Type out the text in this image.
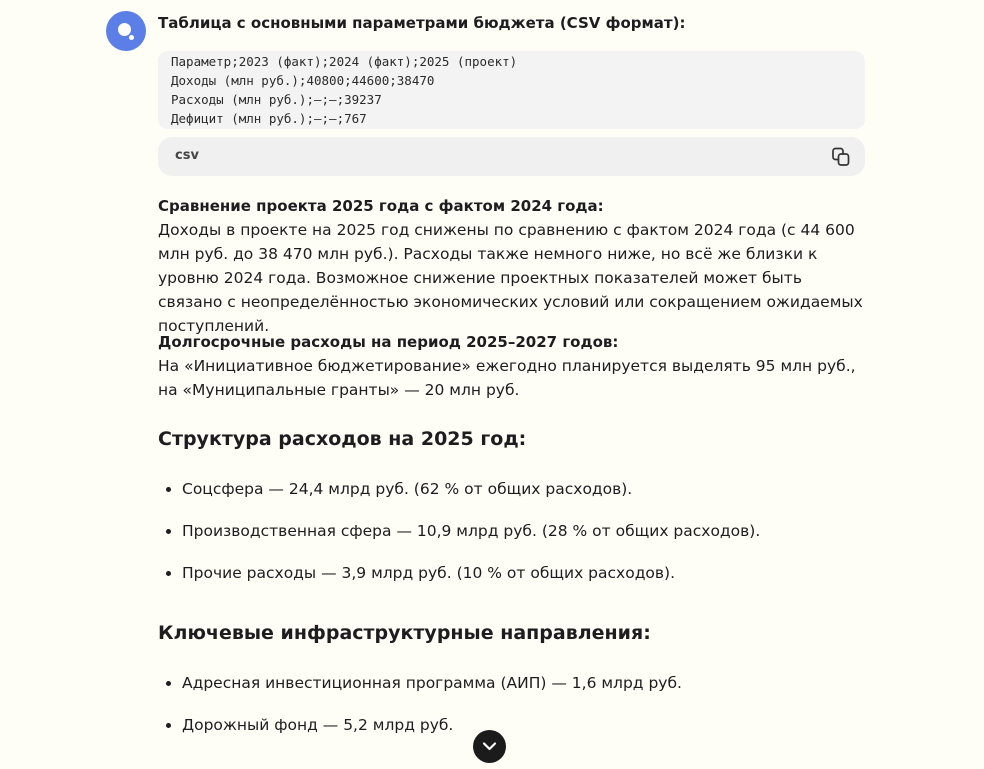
Таблица с основными параметрами бюджета (CSV формат):
Параметр;2023 (факт);2024 (факт);2025 (проект)
Доходы (млн руб.);40800;44600;38470
Расходы (млн руб.);—;—;39237
Дефицит (млн руб.);—;—;767
csv
Сравнение проекта 2025 года с фактом 2024 года:
Доходы в проекте на 2025 год снижены по сравнению с фактом 2024 года (с 44 600 млн руб. до 38 470 млн руб.). Расходы также немного ниже, но всё же близки к уровню 2024 года. Возможное снижение проектных показателей может быть связано с неопределённостью экономических условий или сокращением ожидаемых поступлений.
Долгосрочные расходы на период 2025–2027 годов:
На «Инициативное бюджетирование» ежегодно планируется выделять 95 млн руб., на «Муниципальные гранты» — 20 млн руб.
Структура расходов на 2025 год:
Соцсфера — 24,4 млрд руб. (62 % от общих расходов).
Производственная сфера — 10,9 млрд руб. (28 % от общих расходов).
Прочие расходы — 3,9 млрд руб. (10 % от общих расходов).
Ключевые инфраструктурные направления:
Адресная инвестиционная программа (АИП) — 1,6 млрд руб.
Дорожный фонд — 5,2 млрд руб.
